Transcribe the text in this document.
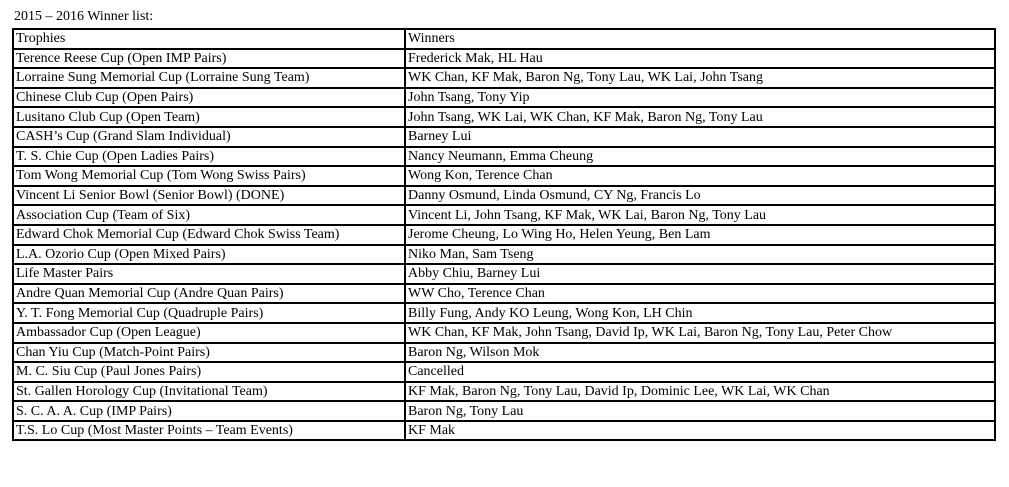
2015 – 2016 Winner list:
Trophies	Winners
Terence Reese Cup (Open IMP Pairs)	Frederick Mak, HL Hau
Lorraine Sung Memorial Cup (Lorraine Sung Team)	WK Chan, KF Mak, Baron Ng, Tony Lau, WK Lai, John Tsang
Chinese Club Cup (Open Pairs)	John Tsang, Tony Yip
Lusitano Club Cup (Open Team)	John Tsang, WK Lai, WK Chan, KF Mak, Baron Ng, Tony Lau
CASH’s Cup (Grand Slam Individual)	Barney Lui
T. S. Chie Cup (Open Ladies Pairs)	Nancy Neumann, Emma Cheung
Tom Wong Memorial Cup (Tom Wong Swiss Pairs)	Wong Kon, Terence Chan
Vincent Li Senior Bowl (Senior Bowl) (DONE)	Danny Osmund, Linda Osmund, CY Ng, Francis Lo
Association Cup (Team of Six)	Vincent Li, John Tsang, KF Mak, WK Lai, Baron Ng, Tony Lau
Edward Chok Memorial Cup (Edward Chok Swiss Team)	Jerome Cheung, Lo Wing Ho, Helen Yeung, Ben Lam
L.A. Ozorio Cup (Open Mixed Pairs)	Niko Man, Sam Tseng
Life Master Pairs	Abby Chiu, Barney Lui
Andre Quan Memorial Cup (Andre Quan Pairs)	WW Cho, Terence Chan
Y. T. Fong Memorial Cup (Quadruple Pairs)	Billy Fung, Andy KO Leung, Wong Kon, LH Chin
Ambassador Cup (Open League)	WK Chan, KF Mak, John Tsang, David Ip, WK Lai, Baron Ng, Tony Lau, Peter Chow
Chan Yiu Cup (Match-Point Pairs)	Baron Ng, Wilson Mok
M. C. Siu Cup (Paul Jones Pairs)	Cancelled
St. Gallen Horology Cup (Invitational Team)	KF Mak, Baron Ng, Tony Lau, David Ip, Dominic Lee, WK Lai, WK Chan
S. C. A. A. Cup (IMP Pairs)	Baron Ng, Tony Lau
T.S. Lo Cup (Most Master Points – Team Events)	KF Mak
